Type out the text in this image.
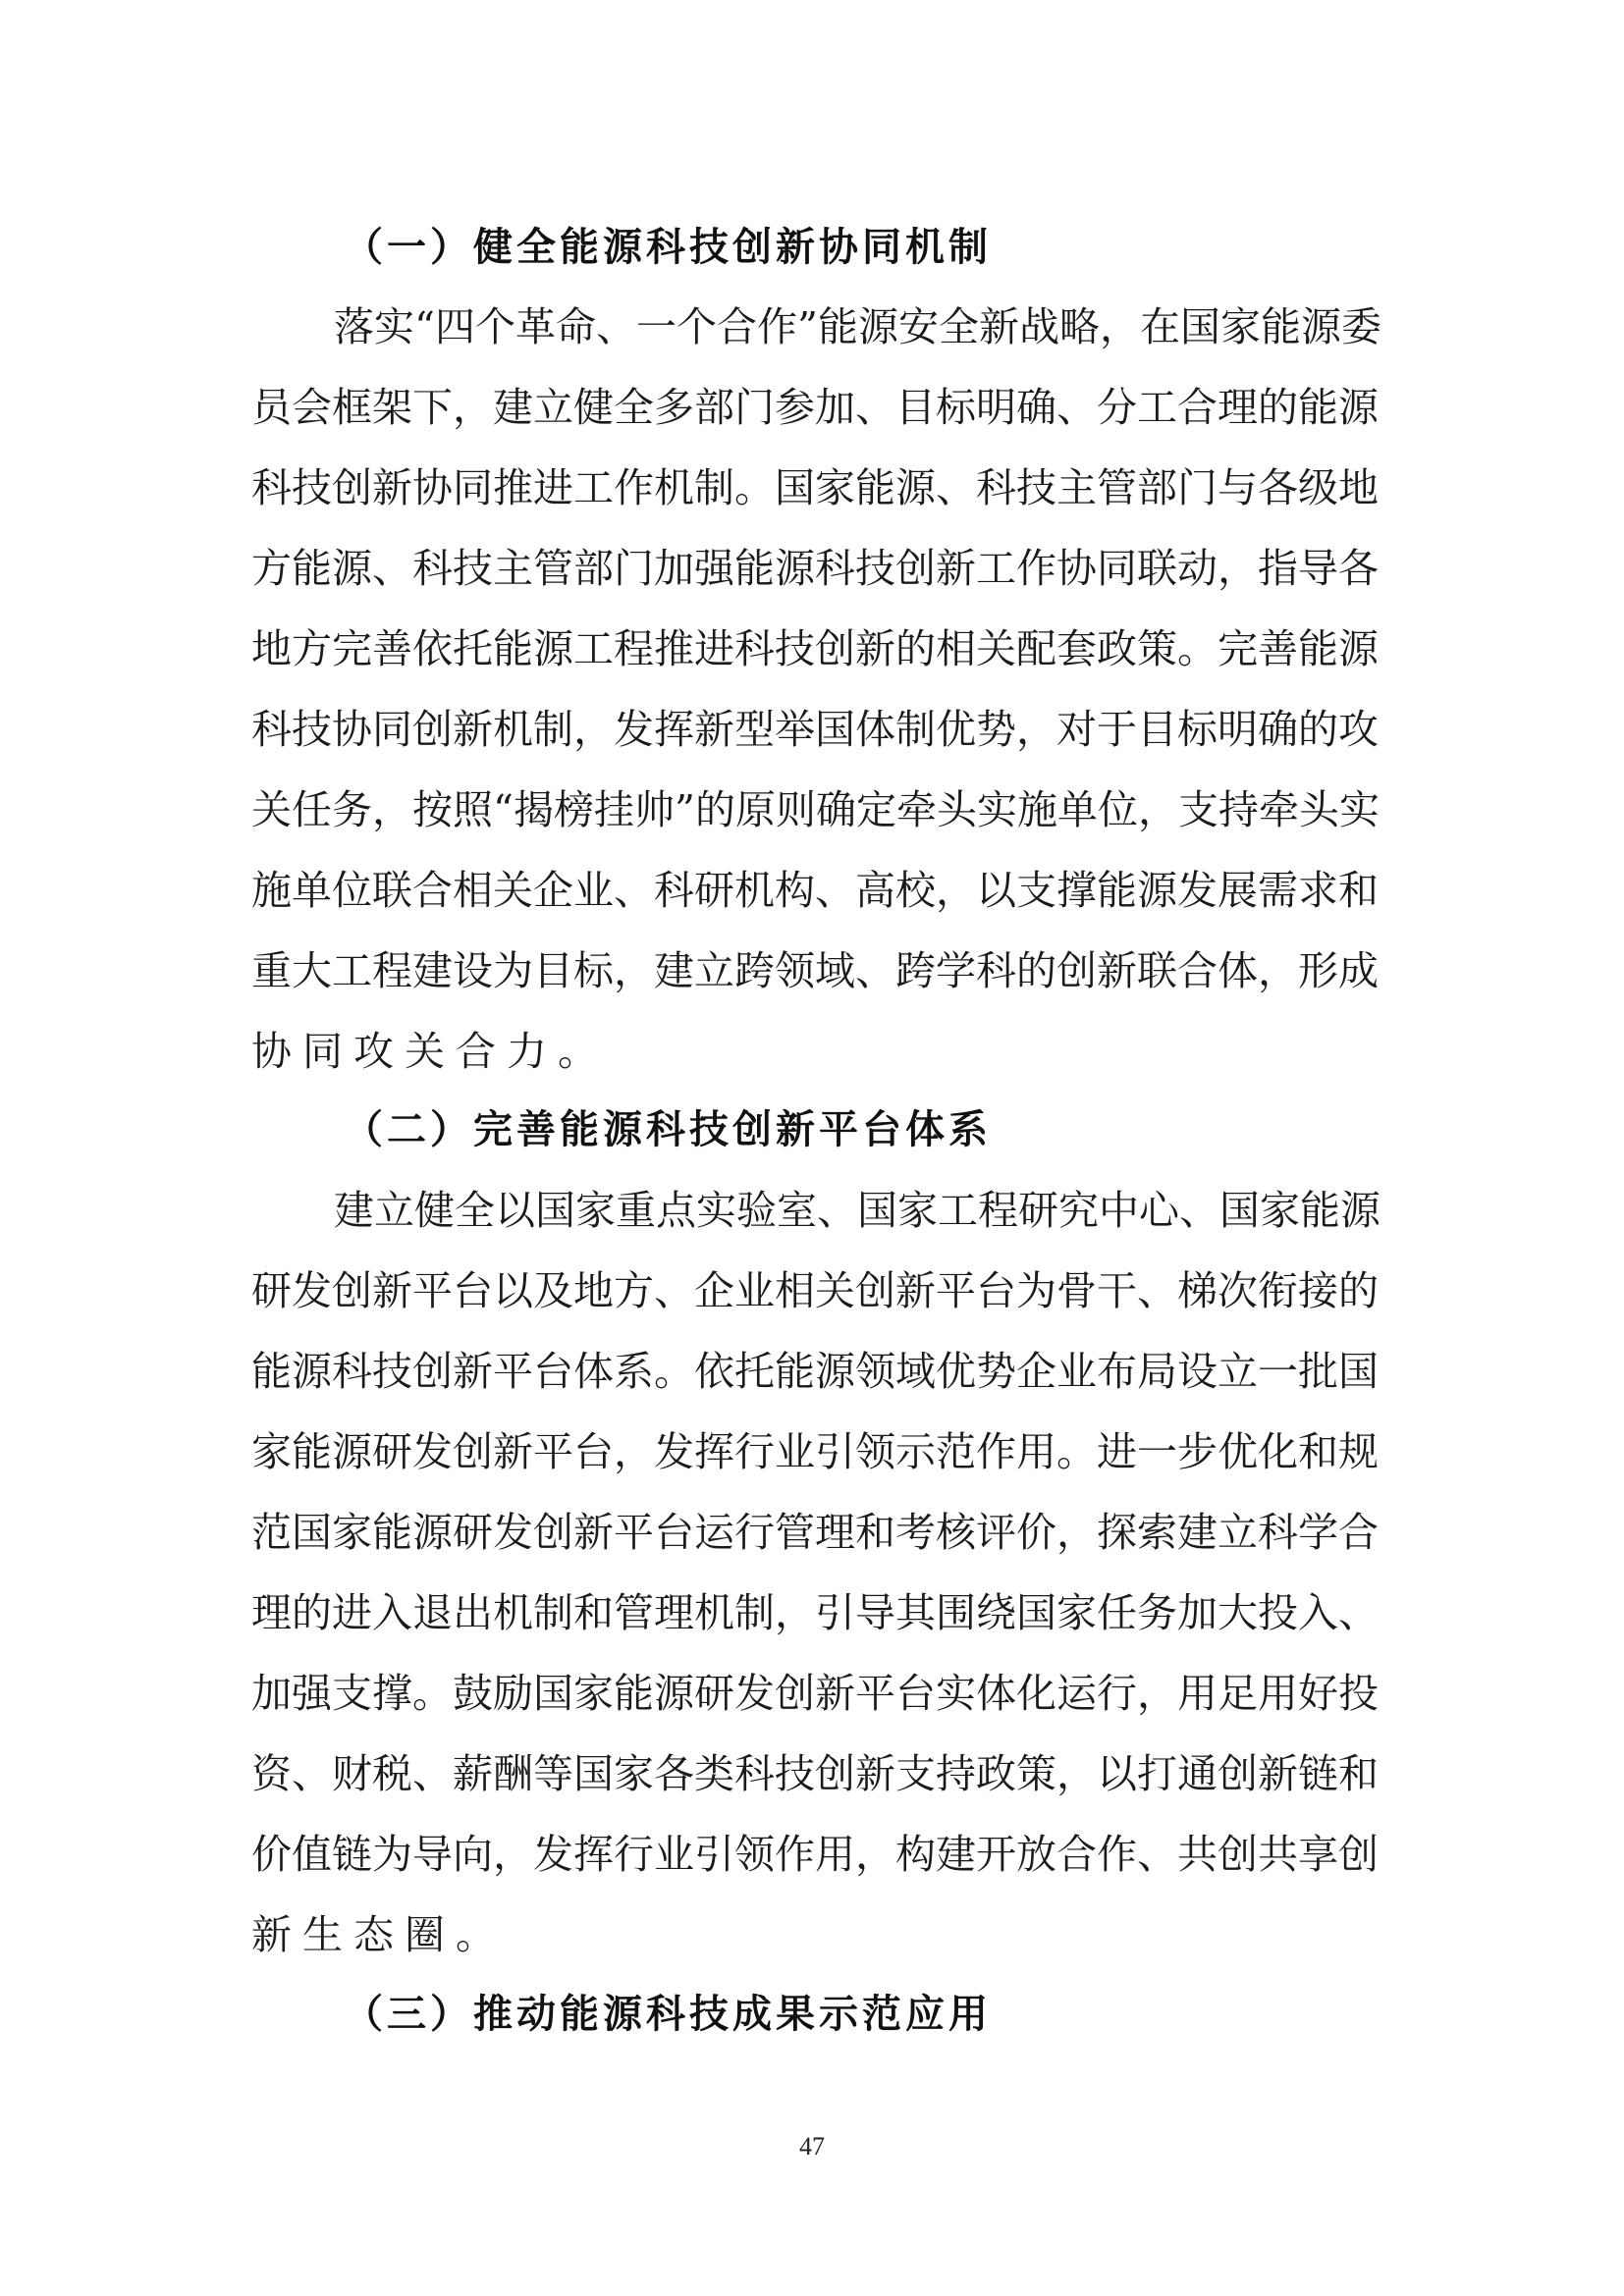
（一）健全能源科技创新协同机制
落 实 “ 四 个 革 命 、 一 个 合 作 ” 能 源 安 全 新 战 略 ， 在 国 家 能 源 委
员 会 框 架 下 ， 建 立 健 全 多 部 门 参 加 、 目 标 明 确 、 分 工 合 理 的 能 源
科 技 创 新 协 同 推 进 工 作 机 制 。 国 家 能 源 、 科 技 主 管 部 门 与 各 级 地
方 能 源 、 科 技 主 管 部 门 加 强 能 源 科 技 创 新 工 作 协 同 联 动 ， 指 导 各
地 方 完 善 依 托 能 源 工 程 推 进 科 技 创 新 的 相 关 配 套 政 策 。 完 善 能 源
科 技 协 同 创 新 机 制 ， 发 挥 新 型 举 国 体 制 优 势 ， 对 于 目 标 明 确 的 攻
关 任 务 ， 按 照 “ 揭 榜 挂 帅 ” 的 原 则 确 定 牵 头 实 施 单 位 ， 支 持 牵 头 实
施 单 位 联 合 相 关 企 业 、 科 研 机 构 、 高 校 ， 以 支 撑 能 源 发 展 需 求 和
重 大 工 程 建 设 为 目 标 ， 建 立 跨 领 域 、 跨 学 科 的 创 新 联 合 体 ， 形 成
协同攻关合力。
（二）完善能源科技创新平台体系
建 立 健 全 以 国 家 重 点 实 验 室 、 国 家 工 程 研 究 中 心 、 国 家 能 源
研 发 创 新 平 台 以 及 地 方 、 企 业 相 关 创 新 平 台 为 骨 干 、 梯 次 衔 接 的
能 源 科 技 创 新 平 台 体 系 。 依 托 能 源 领 域 优 势 企 业 布 局 设 立 一 批 国
家 能 源 研 发 创 新 平 台 ， 发 挥 行 业 引 领 示 范 作 用 。 进 一 步 优 化 和 规
范 国 家 能 源 研 发 创 新 平 台 运 行 管 理 和 考 核 评 价 ， 探 索 建 立 科 学 合
理 的 进 入 退 出 机 制 和 管 理 机 制 ， 引 导 其 围 绕 国 家 任 务 加 大 投 入 、
加 强 支 撑 。 鼓 励 国 家 能 源 研 发 创 新 平 台 实 体 化 运 行 ， 用 足 用 好 投
资 、 财 税 、 薪 酬 等 国 家 各 类 科 技 创 新 支 持 政 策 ， 以 打 通 创 新 链 和
价 值 链 为 导 向 ， 发 挥 行 业 引 领 作 用 ， 构 建 开 放 合 作 、 共 创 共 享 创
新生态圈。
（三）推动能源科技成果示范应用
47
